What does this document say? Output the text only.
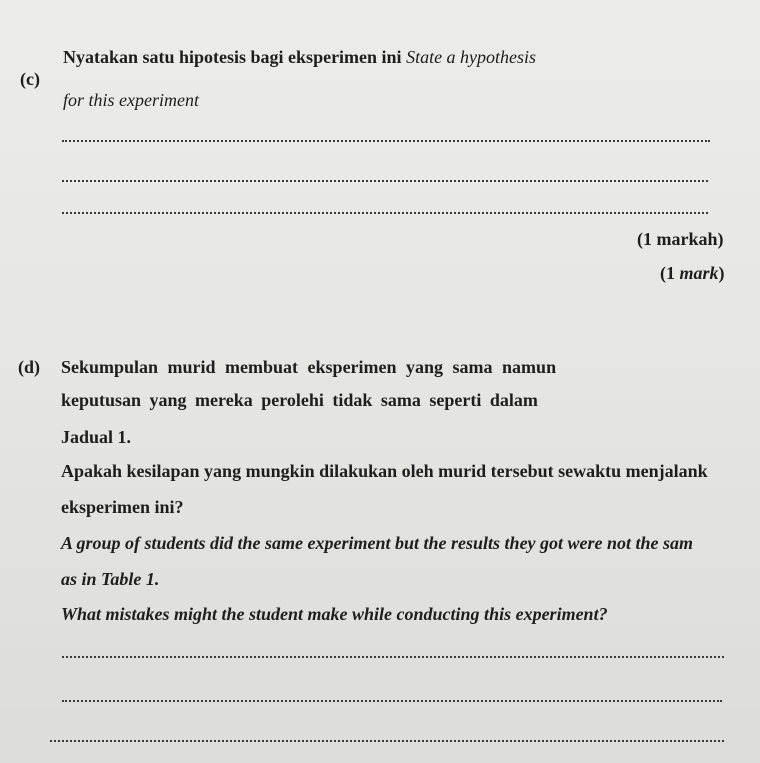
(c)
Nyatakan satu hipotesis bagi eksperimen ini State a hypothesis
for this experiment
(1 markah)
(1 mark)

(d) Sekumpulan murid membuat eksperimen yang sama namun
keputusan yang mereka perolehi tidak sama seperti dalam
Jadual 1.
Apakah kesilapan yang mungkin dilakukan oleh murid tersebut sewaktu menjalank
eksperimen ini?
A group of students did the same experiment but the results they got were not the sam
as in Table 1.
What mistakes might the student make while conducting this experiment?
